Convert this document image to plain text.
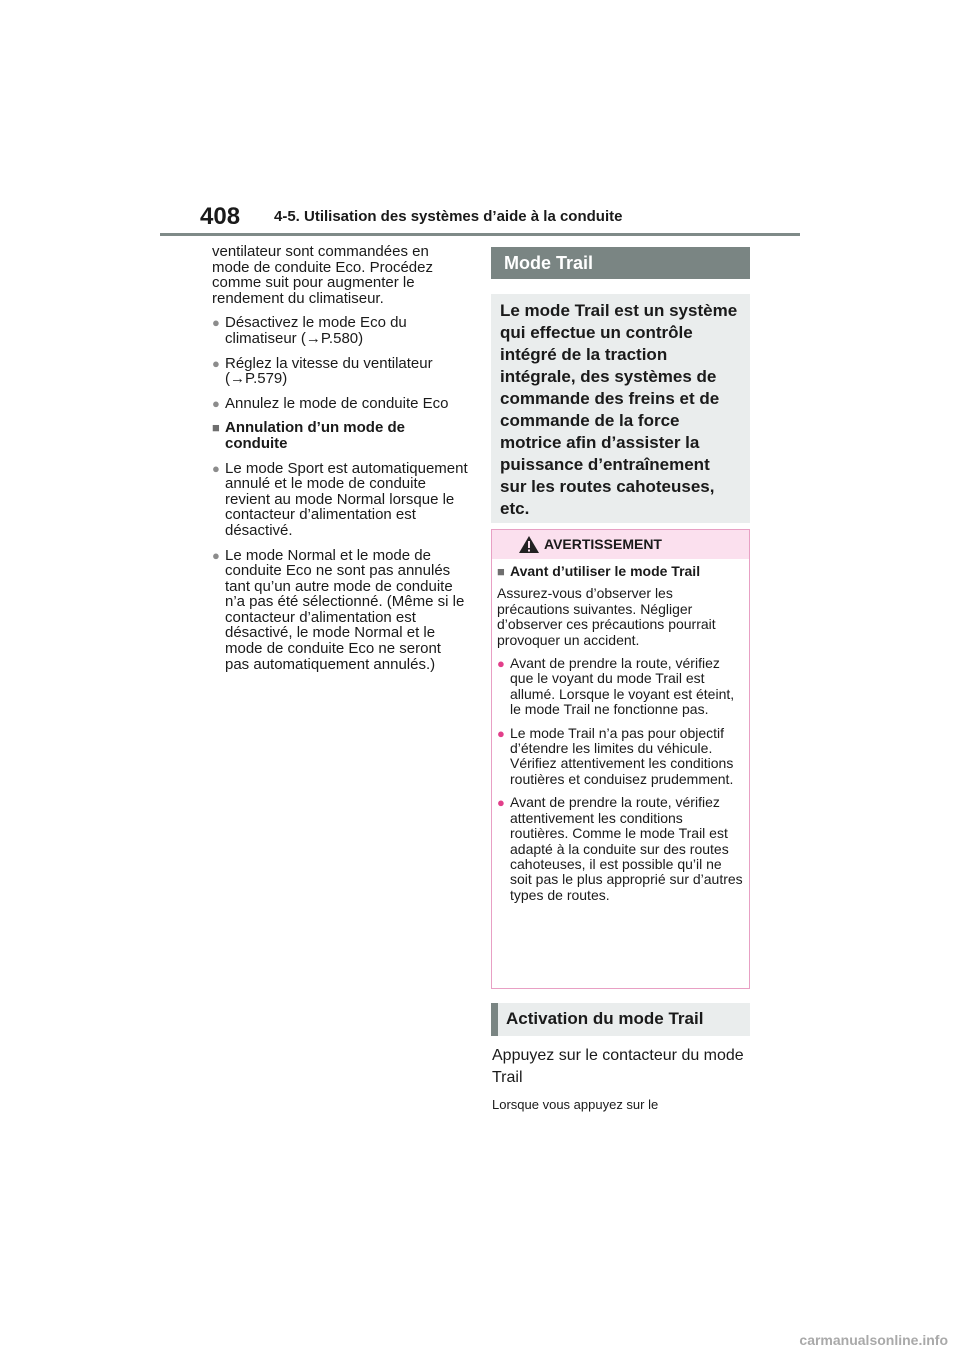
408 4-5. Utilisation des systèmes d’aide à la conduite

ventilateur sont commandées en mode de conduite Eco. Procédez comme suit pour augmenter le rendement du climatiseur.

● Désactivez le mode Eco du climatiseur (→P.580)
● Réglez la vitesse du ventilateur (→P.579)
● Annulez le mode de conduite Eco
■ Annulation d’un mode de conduite
● Le mode Sport est automatiquement annulé et le mode de conduite revient au mode Normal lorsque le contacteur d’alimentation est désactivé.
● Le mode Normal et le mode de conduite Eco ne sont pas annulés tant qu’un autre mode de conduite n’a pas été sélectionné. (Même si le contacteur d’alimentation est désactivé, le mode Normal et le mode de conduite Eco ne seront pas automatiquement annulés.)
Mode Trail
Le mode Trail est un système qui effectue un contrôle intégré de la traction intégrale, des systèmes de commande des freins et de commande de la force motrice afin d’assister la puissance d’entraînement sur les routes cahoteuses, etc.
AVERTISSEMENT
■ Avant d’utiliser le mode Trail

Assurez-vous d’observer les précautions suivantes. Négliger d’observer ces précautions pourrait provoquer un accident.

● Avant de prendre la route, vérifiez que le voyant du mode Trail est allumé. Lorsque le voyant est éteint, le mode Trail ne fonctionne pas.
● Le mode Trail n’a pas pour objectif d’étendre les limites du véhicule. Vérifiez attentivement les conditions routières et conduisez prudemment.
● Avant de prendre la route, vérifiez attentivement les conditions routières. Comme le mode Trail est adapté à la conduite sur des routes cahoteuses, il est possible qu’il ne soit pas le plus approprié sur d’autres types de routes.
Activation du mode Trail
Appuyez sur le contacteur du mode Trail
Lorsque vous appuyez sur le
carmanualsonline.info
